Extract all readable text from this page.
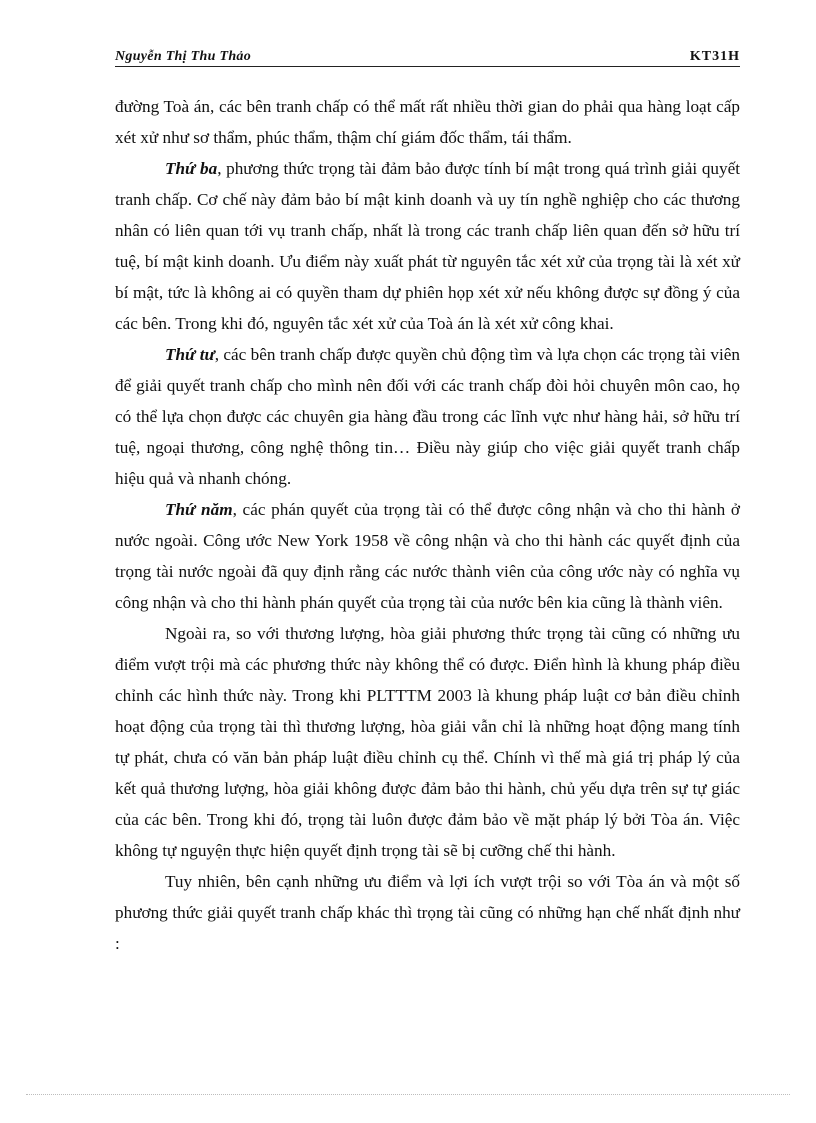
Nguyễn Thị Thu Thảo	KT31H

đường Toà án, các bên tranh chấp có thể mất rất nhiều thời gian do phải qua hàng loạt cấp xét xử như sơ thẩm, phúc thẩm, thậm chí giám đốc thẩm, tái thẩm.

Thứ ba, phương thức trọng tài đảm bảo được tính bí mật trong quá trình giải quyết tranh chấp. Cơ chế này đảm bảo bí mật kinh doanh và uy tín nghề nghiệp cho các thương nhân có liên quan tới vụ tranh chấp, nhất là trong các tranh chấp liên quan đến sở hữu trí tuệ, bí mật kinh doanh. Ưu điểm này xuất phát từ nguyên tắc xét xử của trọng tài là xét xử bí mật, tức là không ai có quyền tham dự phiên họp xét xử nếu không được sự đồng ý của các bên. Trong khi đó, nguyên tắc xét xử của Toà án là xét xử công khai.

Thứ tư, các bên tranh chấp được quyền chủ động tìm và lựa chọn các trọng tài viên để giải quyết tranh chấp cho mình nên đối với các tranh chấp đòi hỏi chuyên môn cao, họ có thể lựa chọn được các chuyên gia hàng đầu trong các lĩnh vực như hàng hải, sở hữu trí tuệ, ngoại thương, công nghệ thông tin… Điều này giúp cho việc giải quyết tranh chấp hiệu quả và nhanh chóng.

Thứ năm, các phán quyết của trọng tài có thể được công nhận và cho thi hành ở nước ngoài. Công ước New York 1958 về công nhận và cho thi hành các quyết định của trọng tài nước ngoài đã quy định rằng các nước thành viên của công ước này có nghĩa vụ công nhận và cho thi hành phán quyết của trọng tài của nước bên kia cũng là thành viên.

Ngoài ra, so với thương lượng, hòa giải phương thức trọng tài cũng có những ưu điểm vượt trội mà các phương thức này không thể có được. Điển hình là khung pháp điều chỉnh các hình thức này. Trong khi PLTTTM 2003 là khung pháp luật cơ bản điều chỉnh hoạt động của trọng tài thì thương lượng, hòa giải vẫn chỉ là những hoạt động mang tính tự phát, chưa có văn bản pháp luật điều chỉnh cụ thể. Chính vì thế mà giá trị pháp lý của kết quả thương lượng, hòa giải không được đảm bảo thi hành, chủ yếu dựa trên sự tự giác của các bên. Trong khi đó, trọng tài luôn được đảm bảo về mặt pháp lý bởi Tòa án. Việc không tự nguyện thực hiện quyết định trọng tài sẽ bị cưỡng chế thi hành.

Tuy nhiên, bên cạnh những ưu điểm và lợi ích vượt trội so với Tòa án và một số phương thức giải quyết tranh chấp khác thì trọng tài cũng có những hạn chế nhất định như :
